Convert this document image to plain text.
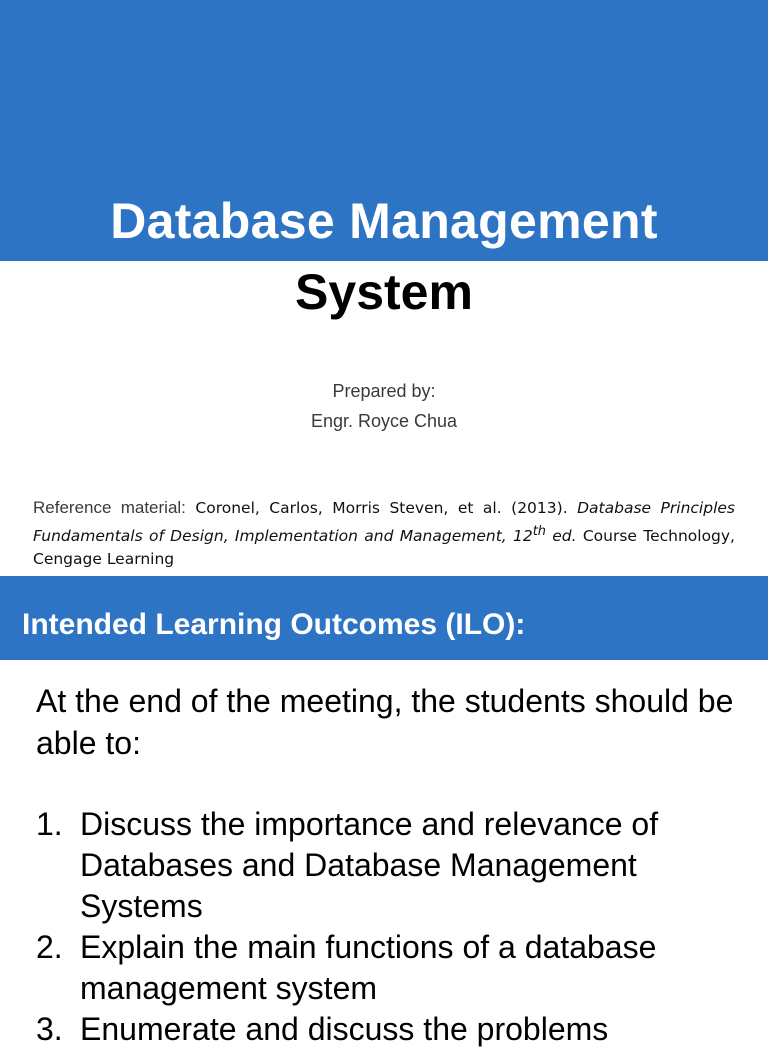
Database Management
System
Prepared by:
Engr. Royce Chua
Reference material: Coronel, Carlos, Morris Steven, et al. (2013). Database Principles Fundamentals of Design, Implementation and Management, 12th ed. Course Technology, Cengage Learning
Intended Learning Outcomes (ILO):
At the end of the meeting, the students should be able to:
1. Discuss the importance and relevance of Databases and Database Management Systems
2. Explain the main functions of a database management system
3. Enumerate and discuss the problems
